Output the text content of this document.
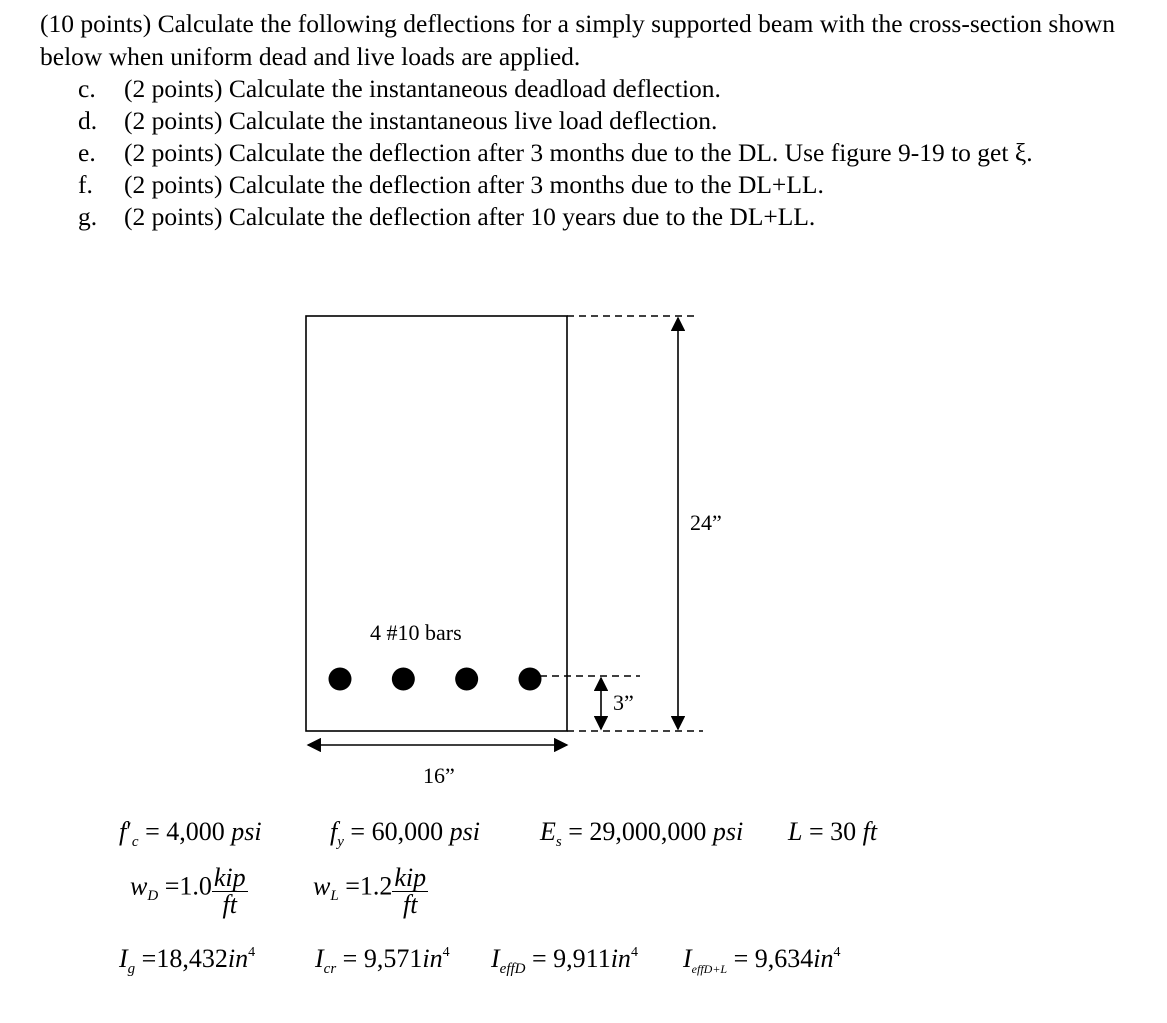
(10 points) Calculate the following deflections for a simply supported beam with the cross-section shown below when uniform dead and live loads are applied.
c. (2 points) Calculate the instantaneous deadload deflection.
d. (2 points) Calculate the instantaneous live load deflection.
e. (2 points) Calculate the deflection after 3 months due to the DL. Use figure 9-19 to get ξ.
f. (2 points) Calculate the deflection after 3 months due to the DL+LL.
g. (2 points) Calculate the deflection after 10 years due to the DL+LL.
24”
4 #10 bars
3”
16”
$f'_c = 4,000$ psi	$f_y = 60,000$ psi $E_s = 29,000,000$ psi L = 30 ft
$w_D =1.0 \frac{\text{kip}}{ft}$	$w_L =1.2 \frac{\text{kip}}{ft}$
$I_g =18,432in^4$ $I_{cr} = 9,571in^4$ $I_{effD} = 9,911in^4$ $I_{effD+L} = 9,634in^4$
